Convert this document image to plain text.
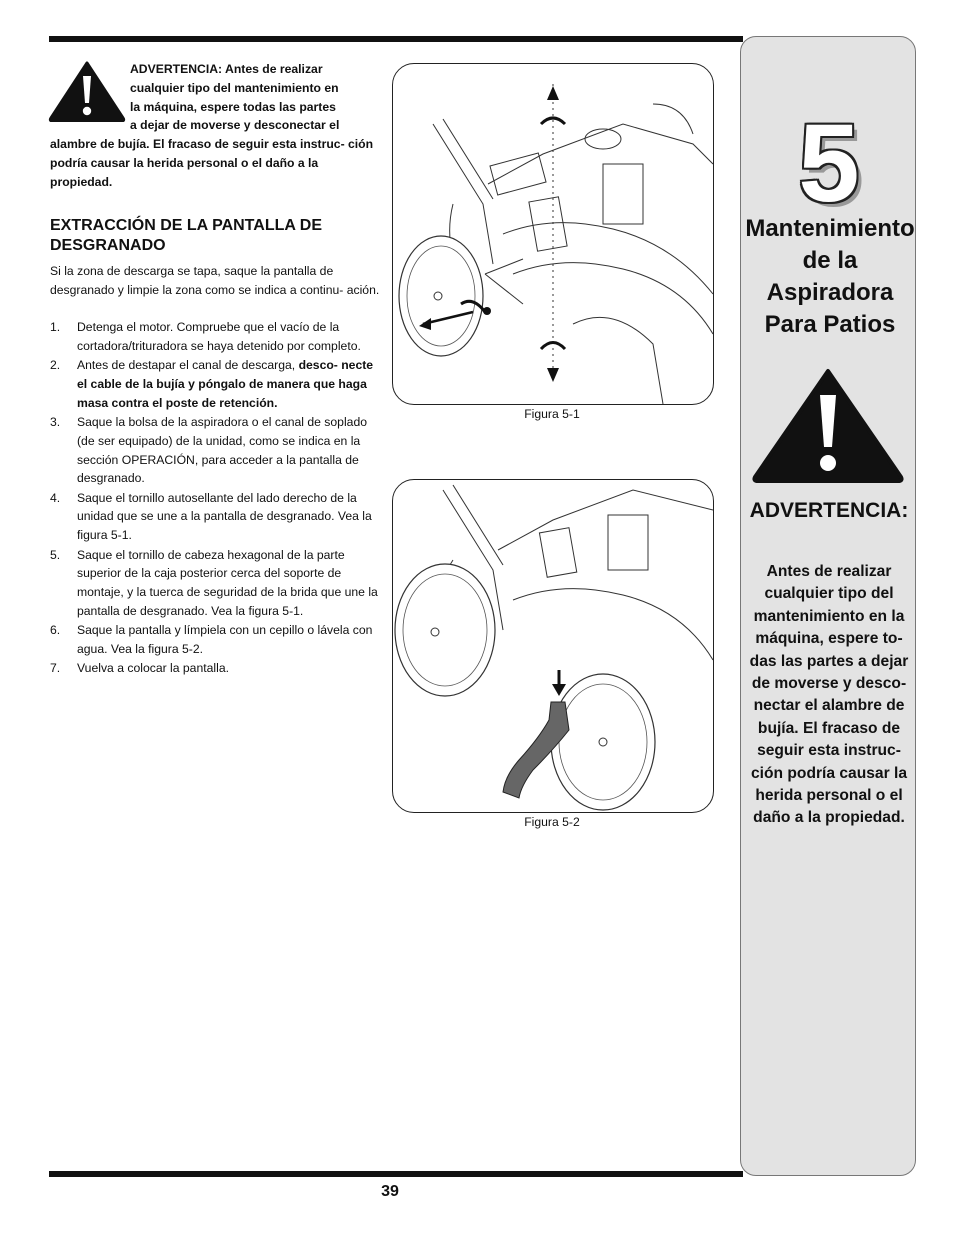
ADVERTENCIA: Antes de realizar
cualquier tipo del mantenimiento en
la máquina, espere todas las partes
a dejar de moverse y desconectar el
alambre de bujía. El fracaso de seguir esta instruc- ción podría causar la herida personal o el daño a la propiedad.
EXTRACCIÓN DE LA PANTALLA DE DESGRANADO
Si la zona de descarga se tapa, saque la pantalla de desgranado y limpie la zona como se indica a continu- ación.
1. Detenga el motor. Compruebe que el vacío de la cortadora/trituradora se haya detenido por completo.
2. Antes de destapar el canal de descarga, desco- necte el cable de la bujía y póngalo de manera que haga masa contra el poste de retención.
3. Saque la bolsa de la aspiradora o el canal de soplado (de ser equipado) de la unidad, como se indica en la sección OPERACIÓN, para acceder a la pantalla de desgranado.
4. Saque el tornillo autosellante del lado derecho de la unidad que se une a la pantalla de desgranado. Vea la figura 5-1.
5. Saque el tornillo de cabeza hexagonal de la parte superior de la caja posterior cerca del soporte de montaje, y la tuerca de seguridad de la brida que une la pantalla de desgranado. Vea la figura 5-1.
6. Saque la pantalla y límpiela con un cepillo o lávela con agua. Vea la figura 5-2.
7. Vuelva a colocar la pantalla.
Figura 5-1
Figura 5-2
5
Mantenimiento
de la
Aspiradora
Para Patios
ADVERTENCIA:
Antes de realizar
cualquier tipo del
mantenimiento en la
máquina, espere to-
das las partes a dejar
de moverse y desco-
nectar el alambre de
bujía. El fracaso de
seguir esta instruc-
ción podría causar la
herida personal o el
daño a la propiedad.
39
